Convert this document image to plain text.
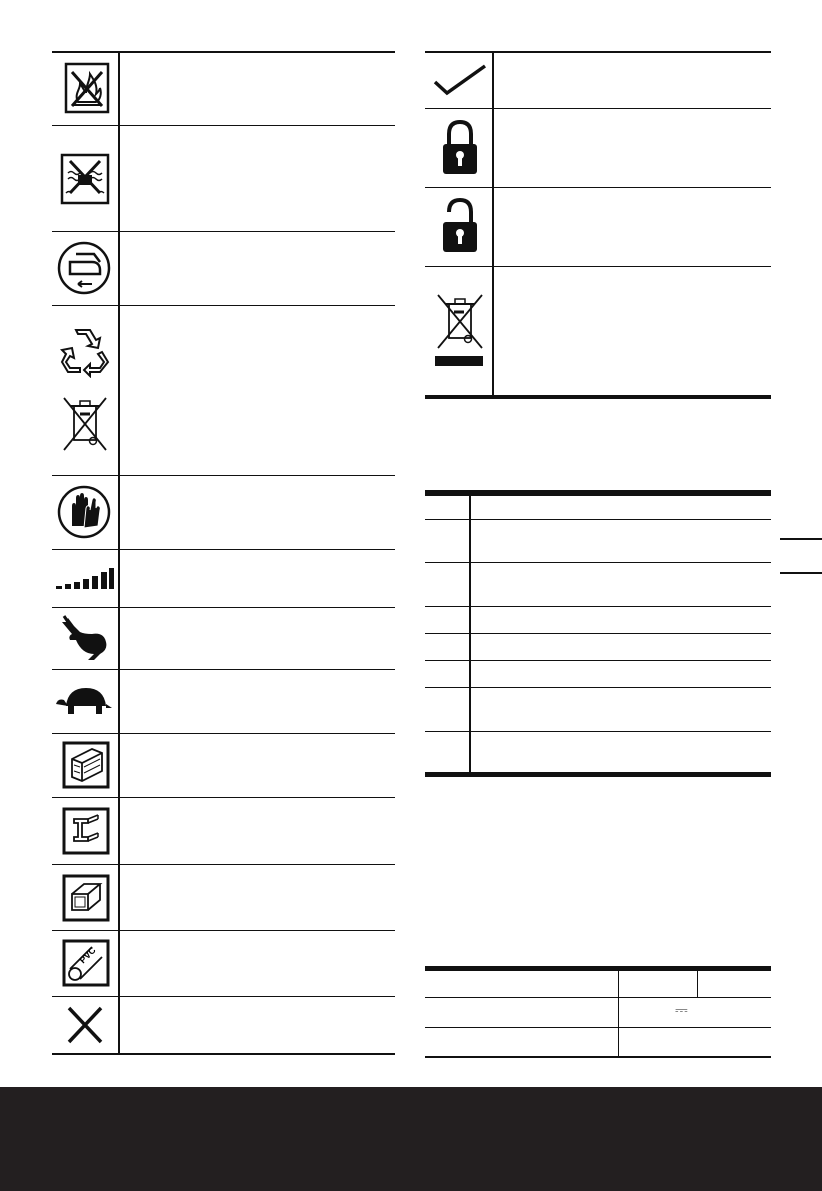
PVC
⎓
